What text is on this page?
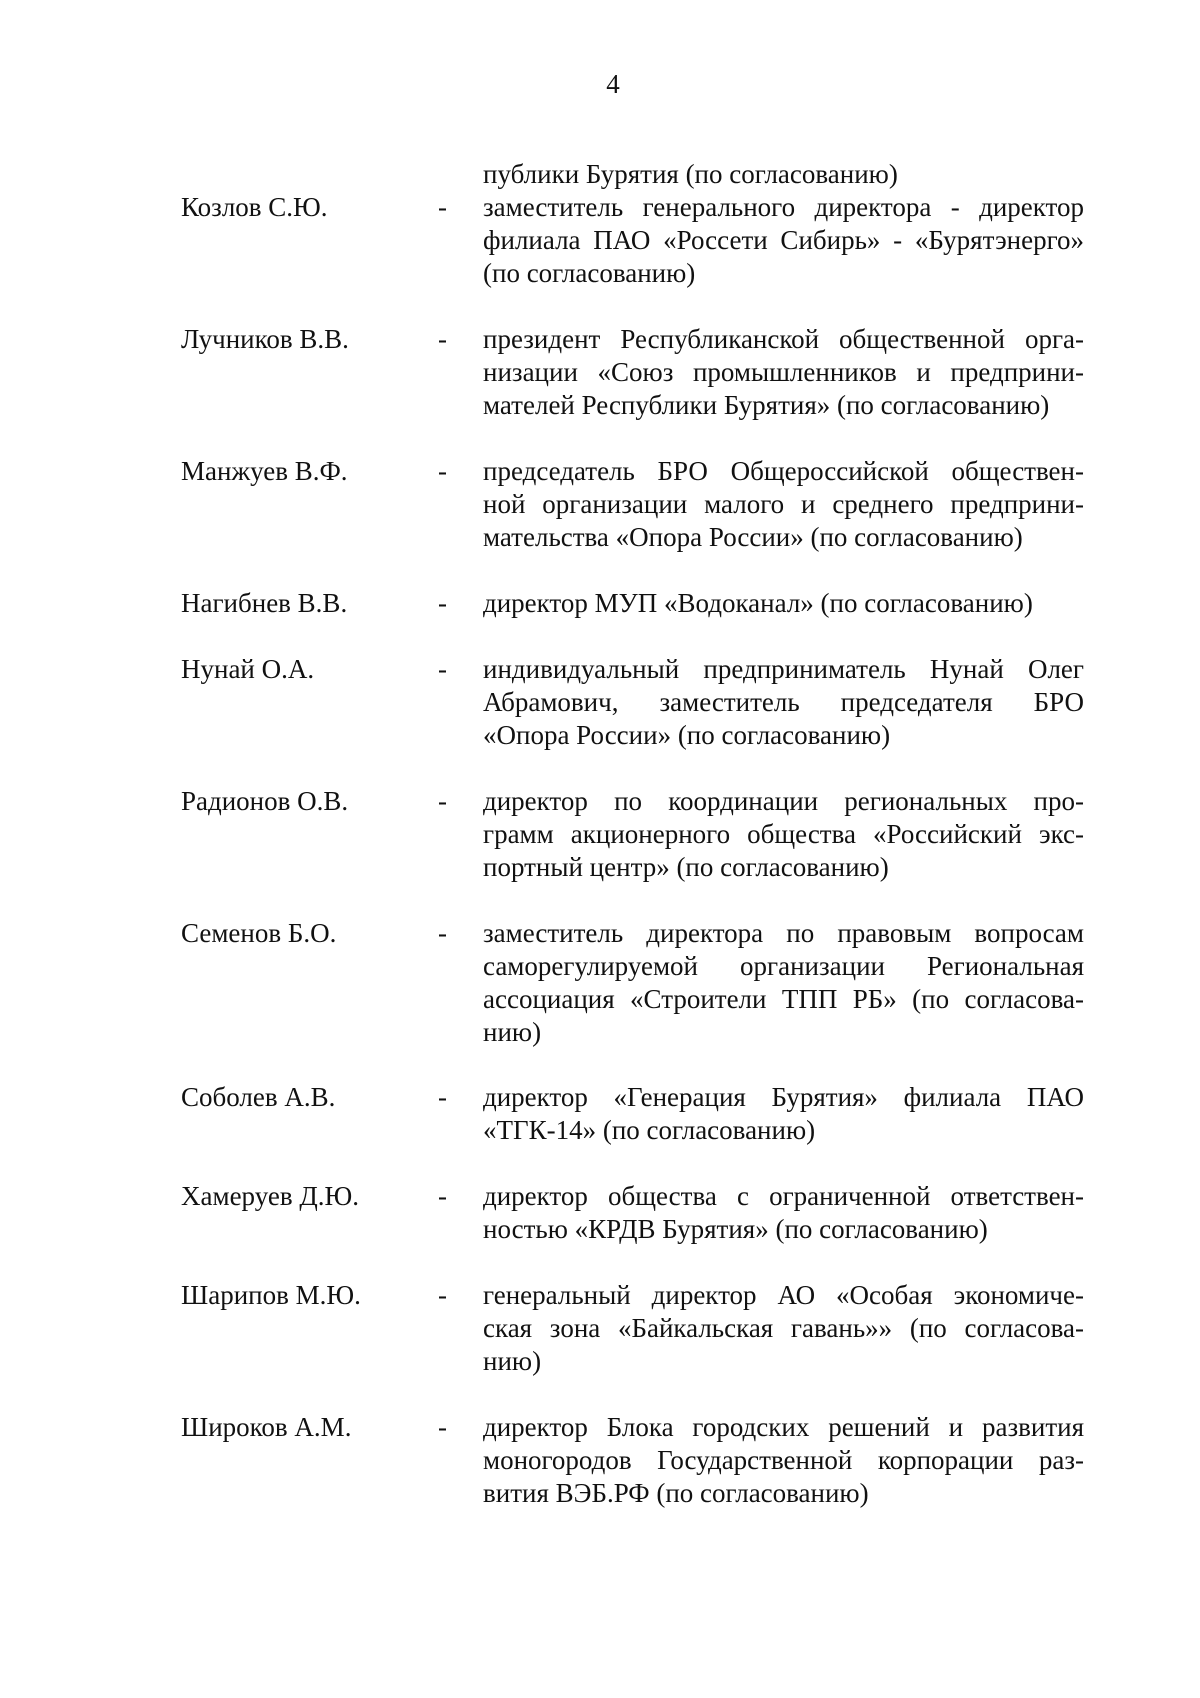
4
публики Бурятия (по согласованию)
Козлов С.Ю.	- заместитель генерального директора - директор
филиала ПАО «Россети Сибирь» - «Бурятэнерго»
(по согласованию)
Лучников В.В.	- президент Республиканской общественной орга-
низации «Союз промышленников и предприни-
мателей Республики Бурятия» (по согласованию)
Манжуев В.Ф.	- председатель БРО Общероссийской обществен-
ной организации малого и среднего предприни-
мательства «Опора России» (по согласованию)
Нагибнев В.В.	- директор МУП «Водоканал» (по согласованию)
Нунай О.А.	- индивидуальный предприниматель Нунай Олег
Абрамович, заместитель председателя БРО
«Опора России» (по согласованию)
Радионов О.В.	- директор по координации региональных про-
грамм акционерного общества «Российский экс-
портный центр» (по согласованию)
Семенов Б.О.	- заместитель директора по правовым вопросам
саморегулируемой организации Региональная
ассоциация «Строители ТПП РБ» (по согласова-
нию)
Соболев А.В.	- директор «Генерация Бурятия» филиала ПАО
«ТГК-14» (по согласованию)
Хамеруев Д.Ю.	- директор общества с ограниченной ответствен-
ностью «КРДВ Бурятия» (по согласованию)
Шарипов М.Ю.	- генеральный директор АО «Особая экономиче-
ская зона «Байкальская гавань»» (по согласова-
нию)
Широков А.М.	- директор Блока городских решений и развития
моногородов Государственной корпорации раз-
вития ВЭБ.РФ (по согласованию)
